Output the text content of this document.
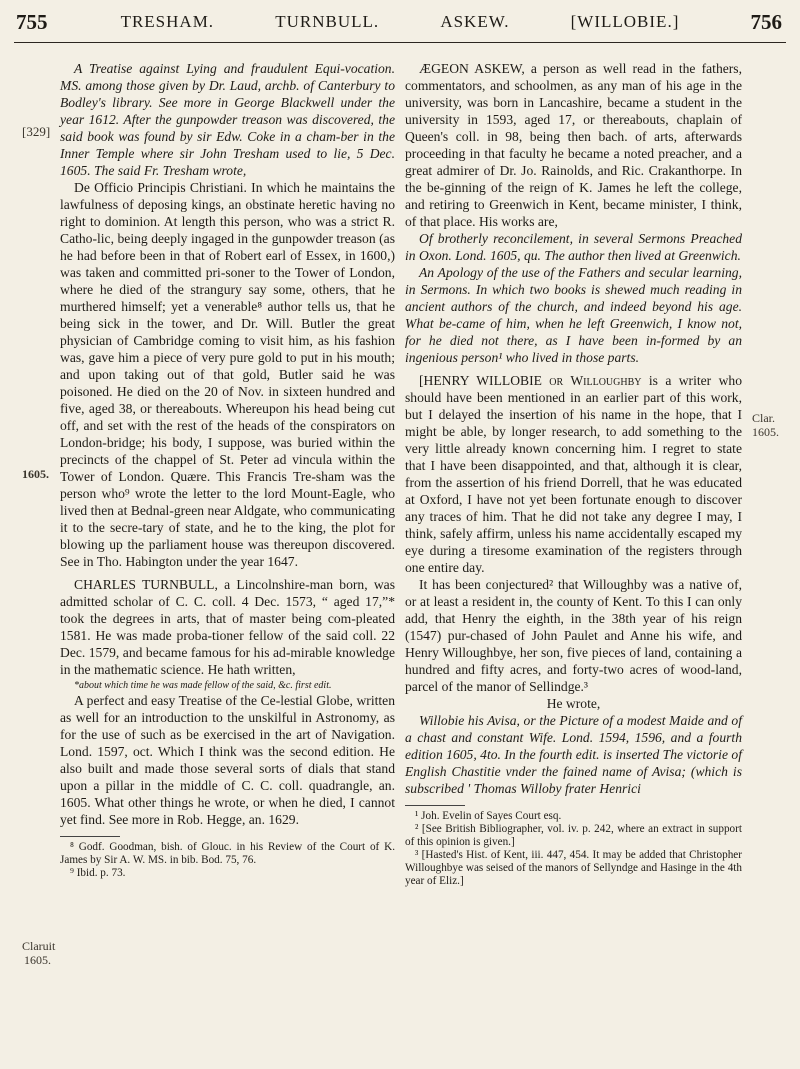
755	TRESHAM.	TURNBULL.	ASKEW.	[WILLOBIE.]	756
[329]
1605.
Claruit
1605.
Clar.
1605.

A Treatise against Lying and fraudulent Equi-vocation. MS. among those given by Dr. Laud, archb. of Canterbury to Bodley's library. See more in George Blackwell under the year 1612. After the gunpowder treason was discovered, the said book was found by sir Edw. Coke in a cham-ber in the Inner Temple where sir John Tresham used to lie, 5 Dec. 1605. The said Fr. Tresham wrote,

De Officio Principis Christiani. In which he maintains the lawfulness of deposing kings, an obstinate heretic having no right to dominion. At length this person, who was a strict R. Catho-lic, being deeply ingaged in the gunpowder treason (as he had before been in that of Robert earl of Essex, in 1600,) was taken and committed pri-soner to the Tower of London, where he died of the strangury say some, others, that he murthered himself; yet a venerable⁸ author tells us, that he being sick in the tower, and Dr. Will. Butler the great physician of Cambridge coming to visit him, as his fashion was, gave him a piece of very pure gold to put in his mouth; and upon taking out of that gold, Butler said he was poisoned. He died on the 20 of Nov. in sixteen hundred and five, aged 38, or thereabouts. Whereupon his head being cut off, and set with the rest of the heads of the conspirators on London-bridge; his body, I suppose, was buried within the precincts of the chappel of St. Peter ad vincula within the Tower of London. Quære. This Francis Tre-sham was the person who⁹ wrote the letter to the lord Mount-Eagle, who lived then at Bednal-green near Aldgate, who communicating it to the secre-tary of state, and he to the king, the plot for blowing up the parliament house was thereupon discovered. See in Tho. Habington under the year 1647.

CHARLES TURNBULL, a Lincolnshire-man born, was admitted scholar of C. C. coll. 4 Dec. 1573, “ aged 17,”* took the degrees in arts, that of master being com-pleated 1581. He was made proba-tioner fellow of the said coll. 22 Dec. 1579, and became famous for his ad-mirable knowledge in the mathematic science. He hath written,

*about which time he was made fellow of the said, &c. first edit.

A perfect and easy Treatise of the Ce-lestial Globe, written as well for an introduction to the unskilful in Astronomy, as for the use of such as be exercised in the art of Navigation. Lond. 1597, oct. Which I think was the second edition. He also built and made those several sorts of dials that stand upon a pillar in the middle of C. C. coll. quadrangle, an. 1605. What other things he wrote, or when he died, I cannot yet find. See more in Rob. Hegge, an. 1629.

⁸ Godf. Goodman, bish. of Glouc. in his Review of the Court of K. James by Sir A. W. MS. in bib. Bod. 75, 76.
⁹ Ibid. p. 73.

ÆGEON ASKEW, a person as well read in the fathers, commentators, and schoolmen, as any man of his age in the university, was born in Lancashire, became a student in the university in 1593, aged 17, or thereabouts, chaplain of Queen's coll. in 98, being then bach. of arts, afterwards proceeding in that faculty he became a noted preacher, and a great admirer of Dr. Jo. Rainolds, and Ric. Crakanthorpe. In the be-ginning of the reign of K. James he left the college, and retiring to Greenwich in Kent, became minister, I think, of that place. His works are,

Of brotherly reconcilement, in several Sermons Preached in Oxon. Lond. 1605, qu. The author then lived at Greenwich.

An Apology of the use of the Fathers and secular learning, in Sermons. In which two books is shewed much reading in ancient authors of the church, and indeed beyond his age. What be-came of him, when he left Greenwich, I know not, for he died not there, as I have been in-formed by an ingenious person¹ who lived in those parts.

[HENRY WILLOBIE or Willoughby is a writer who should have been mentioned in an earlier part of this work, but I delayed the insertion of his name in the hope, that I might be able, by longer research, to add something to the very little already known concerning him. I regret to state that I have been disappointed, and that, although it is clear, from the assertion of his friend Dorrell, that he was educated at Oxford, I have not yet been fortunate enough to discover any traces of him. That he did not take any degree I may, I think, safely affirm, unless his name accidentally escaped my eye during a tiresome examination of the registers through one entire day.

It has been conjectured² that Willoughby was a native of, or at least a resident in, the county of Kent. To this I can only add, that Henry the eighth, in the 38th year of his reign (1547) pur-chased of John Paulet and Anne his wife, and Henry Willoughbye, her son, five pieces of land, containing a hundred and fifty acres, and forty-two acres of wood-land, parcel of the manor of Sellindge.³

He wrote,

Willobie his Avisa, or the Picture of a modest Maide and of a chast and constant Wife. Lond. 1594, 1596, and a fourth edition 1605, 4to. In the fourth edit. is inserted The victorie of English Chastitie vnder the fained name of Avisa; (which is subscribed ' Thomas Willoby frater Henrici

¹ Joh. Evelin of Sayes Court esq.
² [See British Bibliographer, vol. iv. p. 242, where an extract in support of this opinion is given.]
³ [Hasted's Hist. of Kent, iii. 447, 454. It may be added that Christopher Willoughbye was seised of the manors of Sellyndge and Hasinge in the 4th year of Eliz.]
